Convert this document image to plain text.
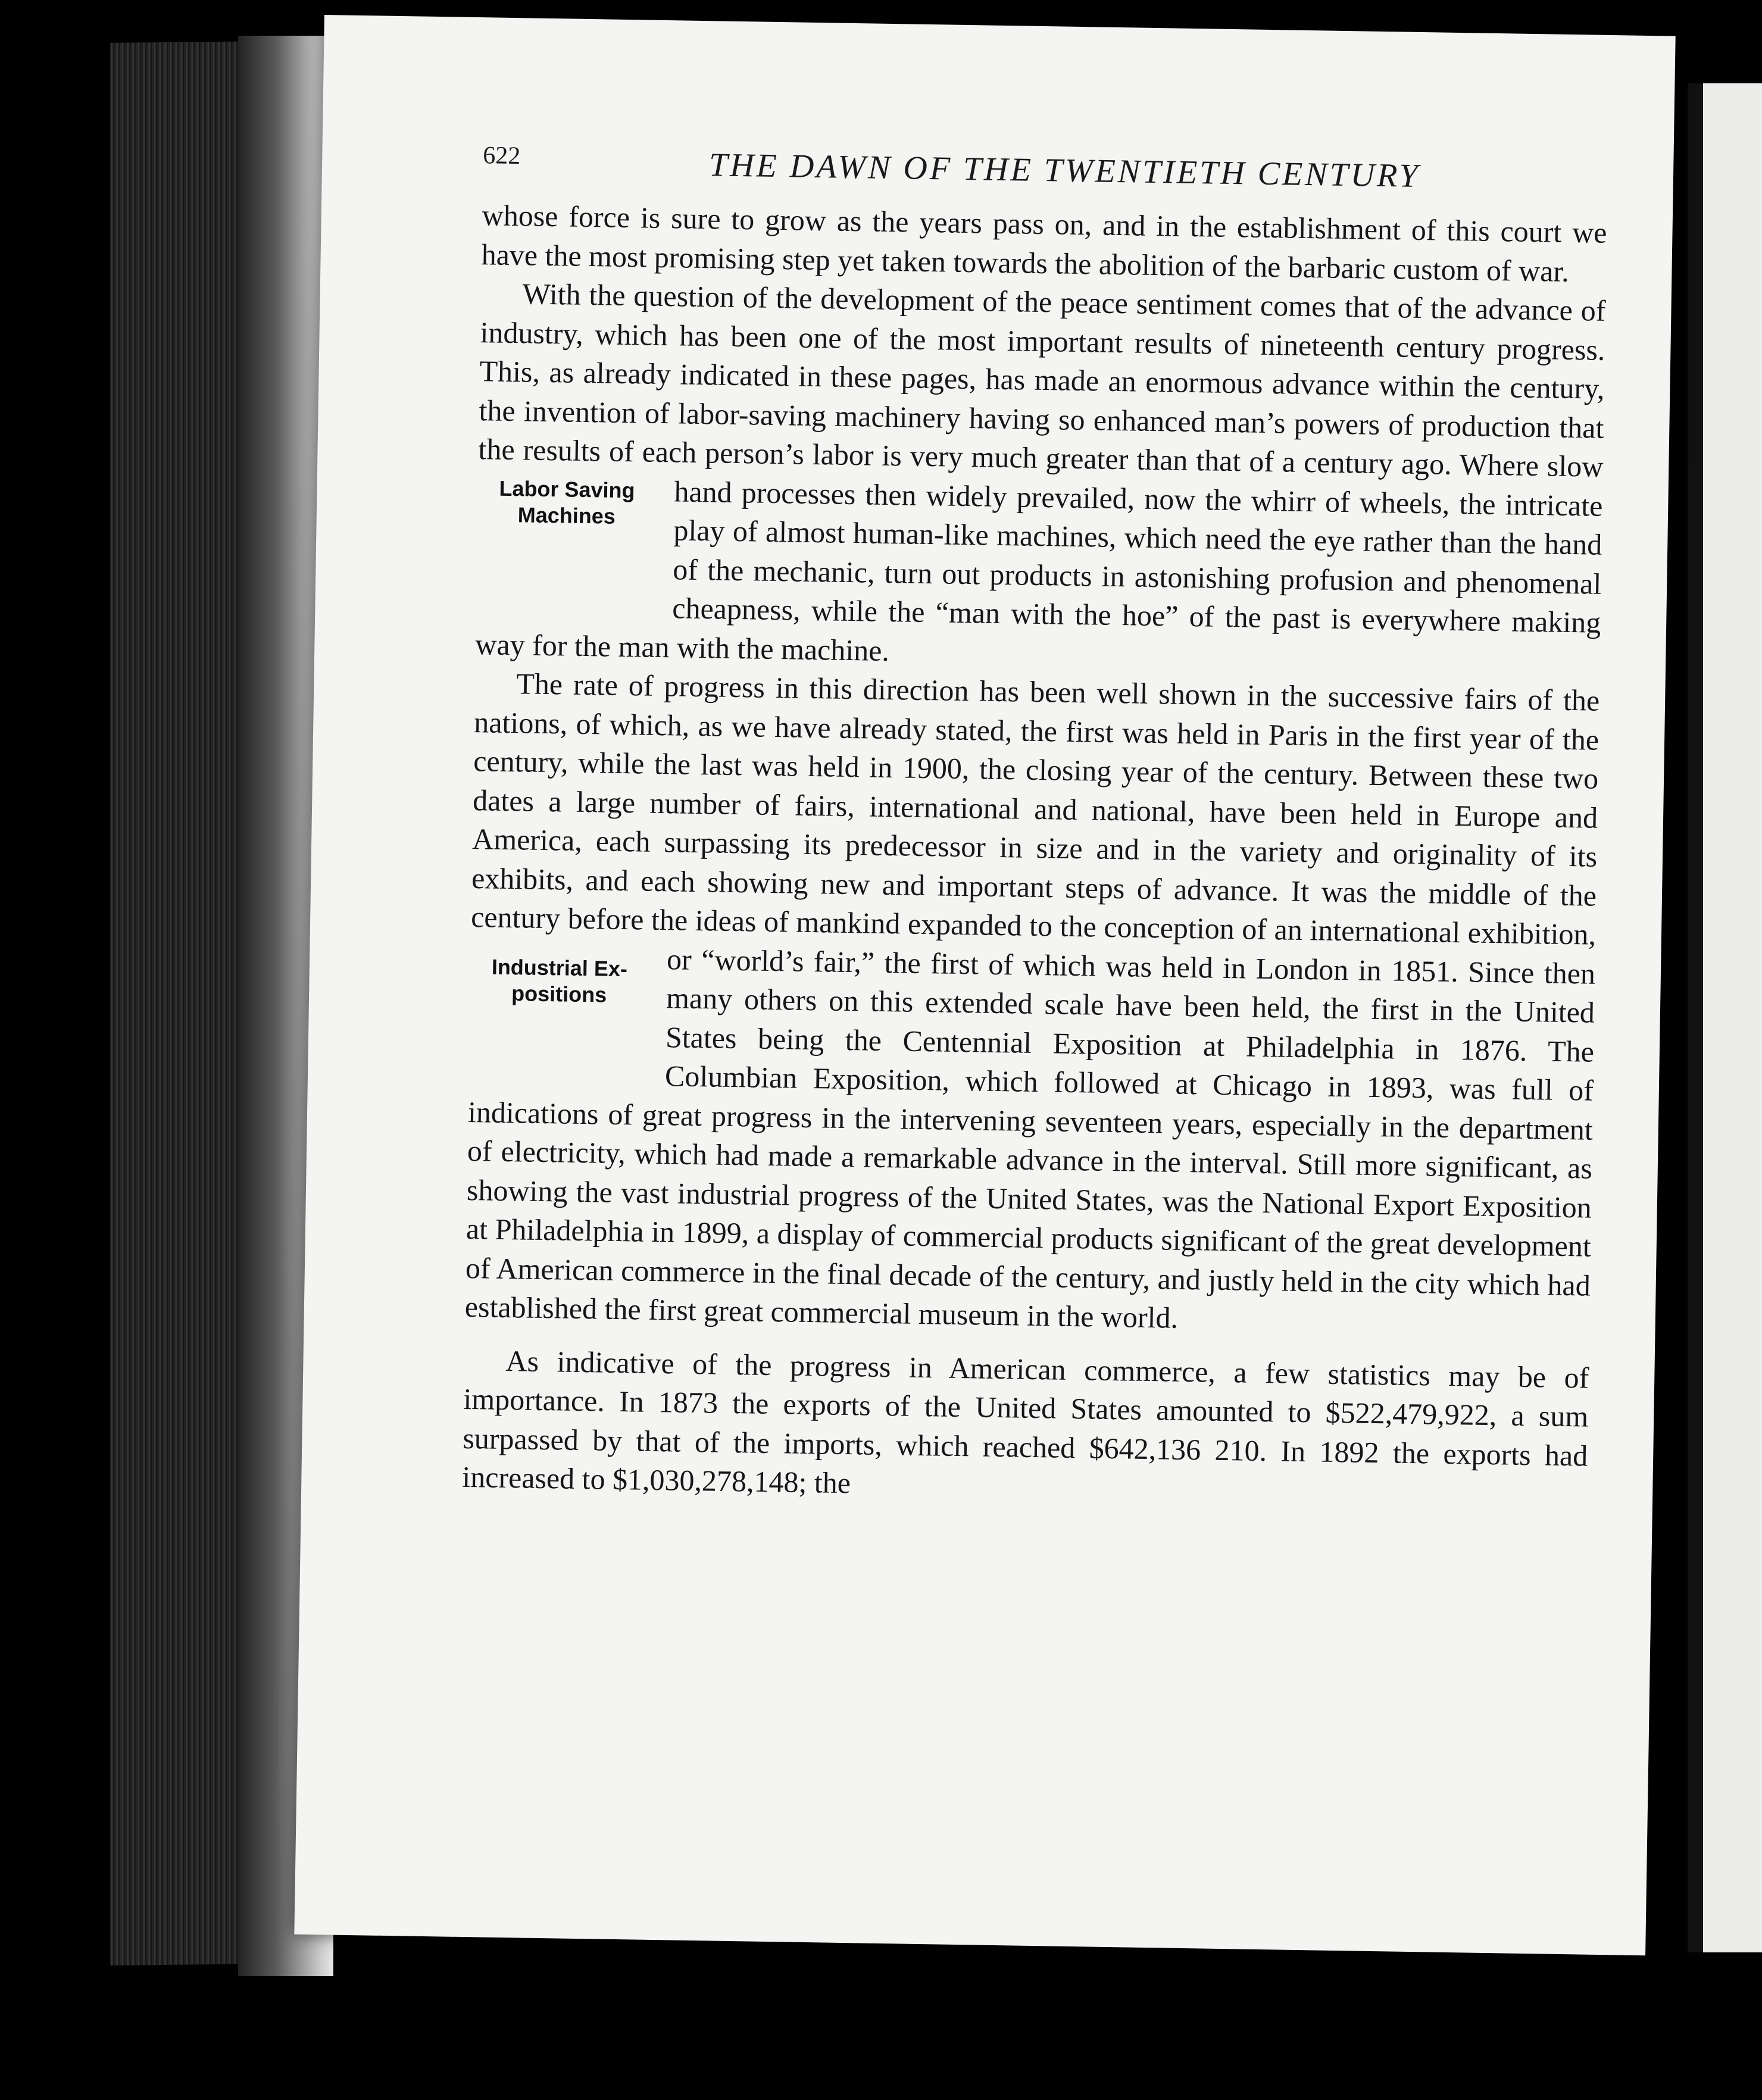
622	THE DAWN OF THE TWENTIETH CENTURY

whose force is sure to grow as the years pass on, and in the establishment of this court we have the most promising step yet taken towards the abolition of the barbaric custom of war.

With the question of the development of the peace sentiment comes that of the advance of industry, which has been one of the most important results of nineteenth century progress. This, as already indicated in these pages, has made an enormous advance within the century, the invention of labor-saving machinery having so enhanced man’s powers of production that the results of each person’s labor is very much greater than that of a century ago. Where slow hand processes then widely prevailed, now the whirr of
Labor Saving
Machines	wheels, the intricate play of almost human-like machines, which need the eye rather than the hand of the mechanic, turn out products in astonishing profusion and phenomenal cheapness, while the “man with the hoe” of the past is everywhere making way for the man with the machine.

The rate of progress in this direction has been well shown in the successive fairs of the nations, of which, as we have already stated, the first was held in Paris in the first year of the century, while the last was held in 1900, the closing year of the century. Between these two dates a large number of fairs, international and national, have been held in Europe and America, each surpassing its predecessor in size and in the variety and originality of its exhibits, and each showing new and important steps of advance. It was the middle of the century before the ideas of mankind expanded to the conception of an international exhibition, or “world’s fair,” the first of which was
Industrial Ex-
positions
held in London in 1851. Since then many others on this extended scale have been held, the first in the United States being the Centennial Exposition at Philadelphia in 1876. The Columbian Exposition, which followed at Chicago in 1893, was full of indications of great progress in the intervening seventeen years, especially in the department of electricity, which had made a remarkable advance in the interval. Still more significant, as showing the vast industrial progress of the United States, was the National Export Exposition at Philadelphia in 1899, a display of commercial products significant of the great development of American commerce in the final decade of the century, and justly held in the city which had established the first great commercial museum in the world.

As indicative of the progress in American commerce, a few statistics may be of importance. In 1873 the exports of the United States amounted to $522,479,922, a sum surpassed by that of the imports, which reached $642,136 210. In 1892 the exports had increased to $1,030,278,148; the
